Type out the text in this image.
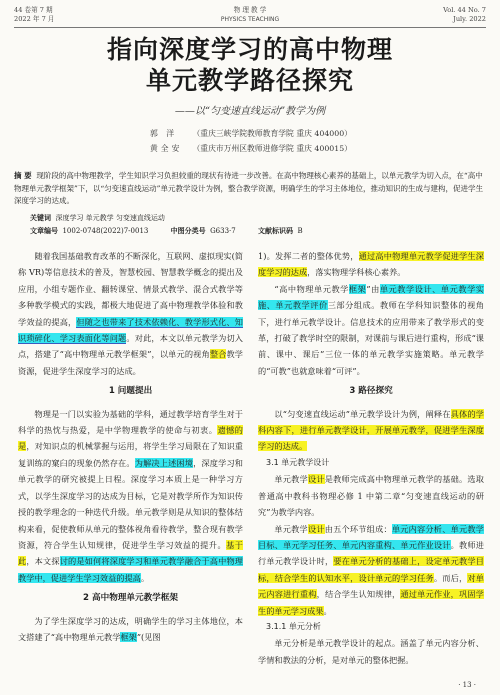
44 卷第 7 期
2022 年 7 月
物 理 教 学
PHYSICS TEACHING
Vol. 44 No. 7
July. 2022
指向深度学习的高中物理
单元教学路径探究
——以“匀变速直线运动”教学为例
郭 洋 （重庆三峡学院教师教育学院 重庆 404000）
黄全安 （重庆市万州区教师进修学院 重庆 400015）
摘 要 现阶段的高中物理教学，学生知识学习负担较重的现状有待进一步改善。在高中物理核心素养的基础上，以单元教学为切入点，在“高中物理单元教学框架”下，以“匀变速直线运动”单元教学设计为例，整合教学资源，明确学生的学习主体地位，推动知识的生成与建构，促进学生深度学习的达成。
关键词 深度学习 单元教学 匀变速直线运动
文章编号 1002-0748(2022)7-0013	中图分类号 G633·7	文献标识码 B

随着我国基础教育改革的不断深化，互联网、虚拟现实(简称 VR)等信息技术的普及，智慧校园、智慧教学概念的提出及应用，小组专题作业、翻转课堂、情景式教学、混合式教学等多种教学模式的实践，都极大地促进了高中物理教学体验和教学效益的提高，但随之也带来了技术依赖化、教学形式化、知识琐碎化、学习表面化等问题。对此，本文以单元教学为切入点，搭建了“高中物理单元教学框架”，以单元的视角整合教学资源，促进学生深度学习的达成。

1 问题提出

物理是一门以实验为基础的学科，通过教学培育学生对于科学的热忱与热爱，是中学物理教学的使命与初衷。遗憾的是，对知识点的机械掌握与运用，将学生学习局限在了知识重复训练的窠臼的现象仍然存在。为解决上述困境，深度学习和单元教学的研究被提上日程。深度学习本质上是一种学习方式，以学生深度学习的达成为目标，它是对教学所作为知识传授的教学理念的一种迭代升级。单元教学则是从知识的整体结构来看，促使教师从单元的整体视角看待教学，整合现有教学资源，符合学生认知规律，促进学生学习效益的提升。基于此，本文探讨的是如何将深度学习和单元教学融合于高中物理教学中，促进学生学习效益的提高。

2 高中物理单元教学框架

为了学生深度学习的达成，明确学生的学习主体地位，本文搭建了“高中物理单元教学框架”(见图

1)。发挥二者的整体优势，通过高中物理单元教学促进学生深度学习的达成，落实物理学科核心素养。

“高中物理单元教学框架”由单元教学设计、单元教学实施、单元教学评价三部分组成。教师在学科知识整体的视角下，进行单元教学设计。信息技术的应用带来了教学形式的变革，打破了教学时空的限制，对课前与课后进行重构，形成“课前、课中、课后”三位一体的单元教学实施策略。单元教学的“可教”也就意味着“可评”。

3 路径探究

以“匀变速直线运动”单元教学设计为例，阐释在具体的学科内容下，进行单元教学设计，开展单元教学，促进学生深度学习的达成。

3.1 单元教学设计

单元教学设计是教师完成高中物理单元教学的基础。选取普通高中教科书物理必修 1 中第二章“匀变速直线运动的研究”为教学内容。

单元教学设计由五个环节组成：单元内容分析、单元教学目标、单元学习任务、单元内容重构、单元作业设计。教师进行单元教学设计时，要在单元分析的基础上，设定单元教学目标，结合学生的认知水平，设计单元的学习任务。而后，对单元内容进行重构，结合学生认知规律，通过单元作业，巩固学生的单元学习成果。

3.1.1 单元分析

单元分析是单元教学设计的起点。涵盖了单元内容分析、学情和教法的分析，是对单元的整体把握。

· 13 ·
